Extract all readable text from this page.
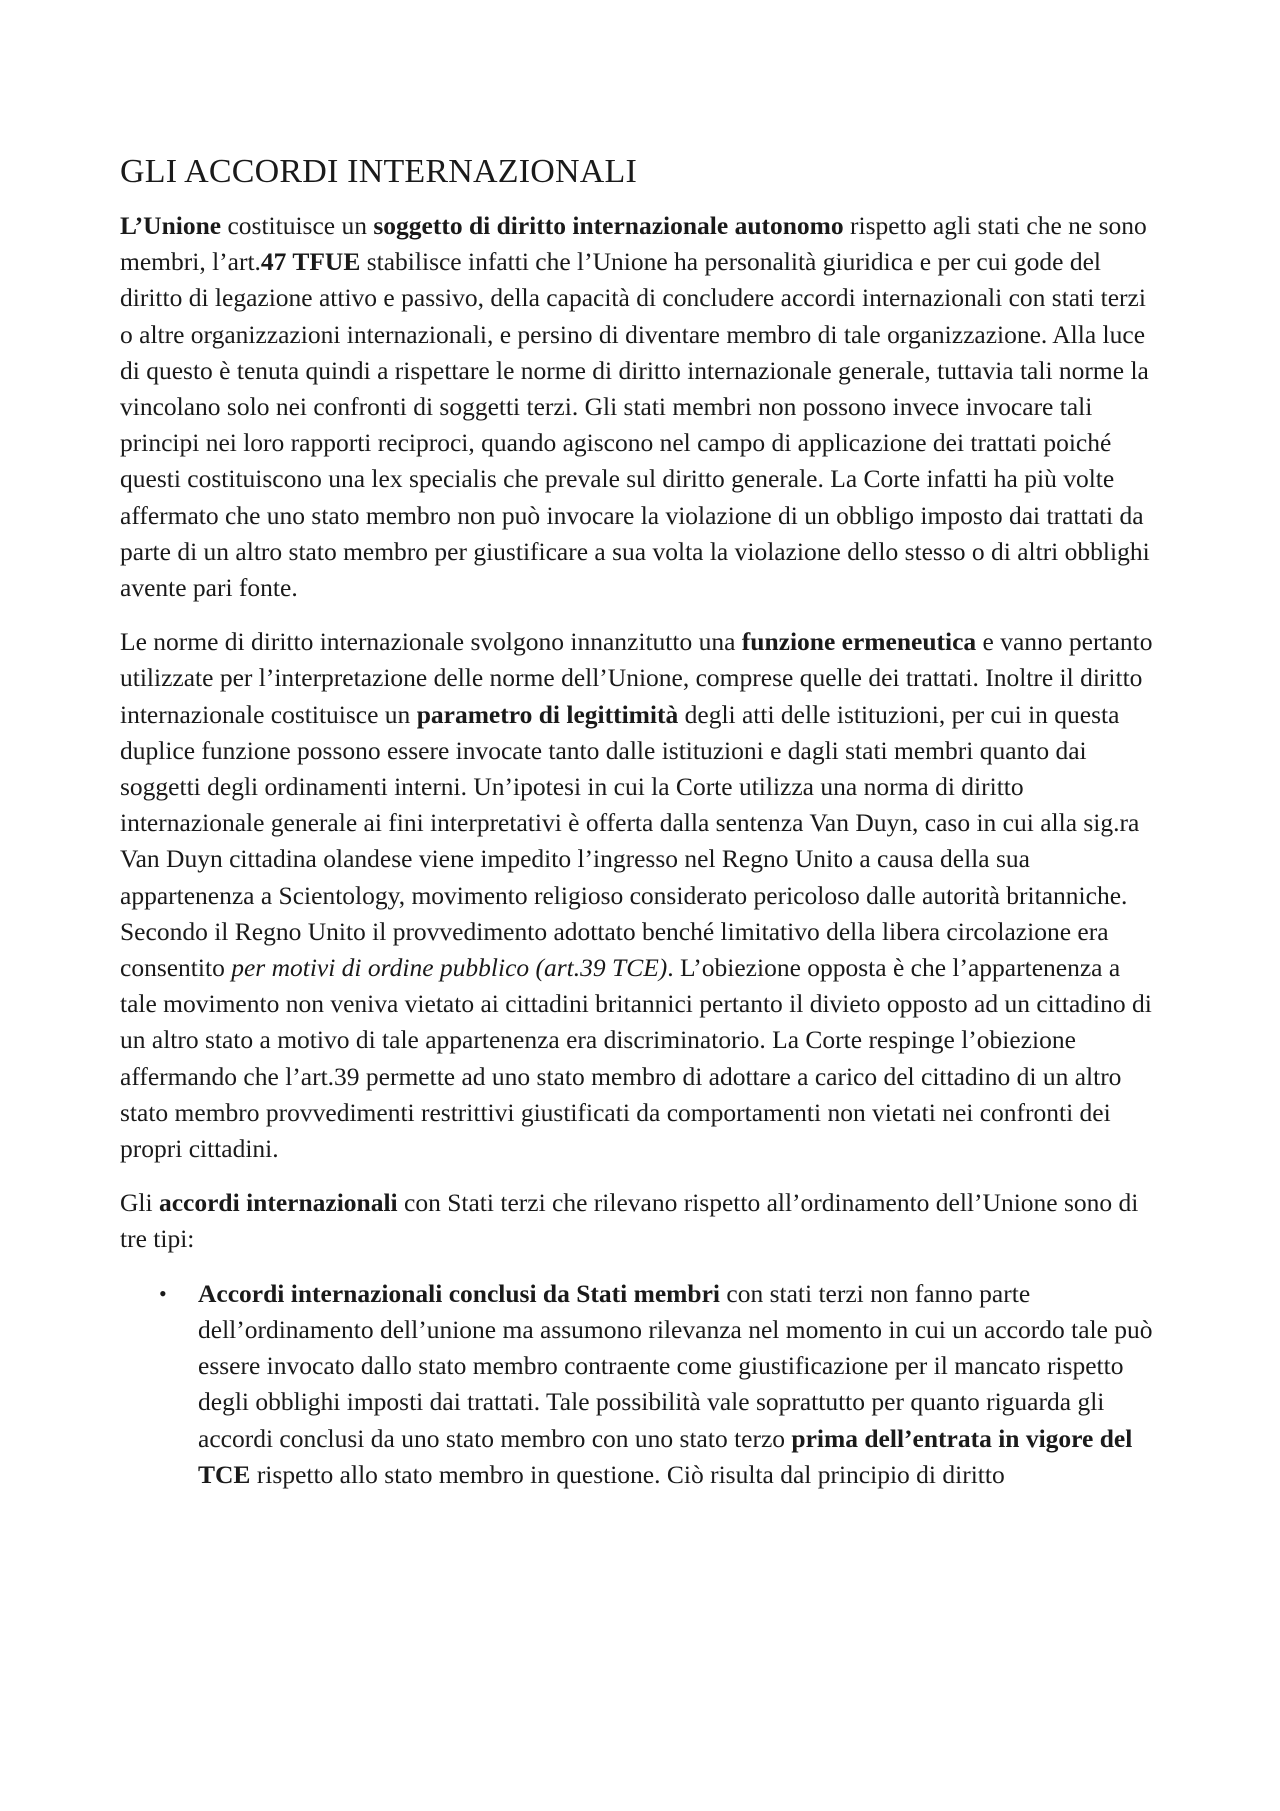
GLI ACCORDI INTERNAZIONALI

L’Unione costituisce un soggetto di diritto internazionale autonomo rispetto agli stati che ne sono membri, l’art.47 TFUE stabilisce infatti che l’Unione ha personalità giuridica e per cui gode del diritto di legazione attivo e passivo, della capacità di concludere accordi internazionali con stati terzi o altre organizzazioni internazionali, e persino di diventare membro di tale organizzazione. Alla luce di questo è tenuta quindi a rispettare le norme di diritto internazionale generale, tuttavia tali norme la vincolano solo nei confronti di soggetti terzi. Gli stati membri non possono invece invocare tali principi nei loro rapporti reciproci, quando agiscono nel campo di applicazione dei trattati poiché questi costituiscono una lex specialis che prevale sul diritto generale. La Corte infatti ha più volte affermato che uno stato membro non può invocare la violazione di un obbligo imposto dai trattati da parte di un altro stato membro per giustificare a sua volta la violazione dello stesso o di altri obblighi avente pari fonte.

Le norme di diritto internazionale svolgono innanzitutto una funzione ermeneutica e vanno pertanto utilizzate per l’interpretazione delle norme dell’Unione, comprese quelle dei trattati. Inoltre il diritto internazionale costituisce un parametro di legittimità degli atti delle istituzioni, per cui in questa duplice funzione possono essere invocate tanto dalle istituzioni e dagli stati membri quanto dai soggetti degli ordinamenti interni. Un’ipotesi in cui la Corte utilizza una norma di diritto internazionale generale ai fini interpretativi è offerta dalla sentenza Van Duyn, caso in cui alla sig.ra Van Duyn cittadina olandese viene impedito l’ingresso nel Regno Unito a causa della sua appartenenza a Scientology, movimento religioso considerato pericoloso dalle autorità britanniche. Secondo il Regno Unito il provvedimento adottato benché limitativo della libera circolazione era consentito per motivi di ordine pubblico (art.39 TCE). L’obiezione opposta è che l’appartenenza a tale movimento non veniva vietato ai cittadini britannici pertanto il divieto opposto ad un cittadino di un altro stato a motivo di tale appartenenza era discriminatorio. La Corte respinge l’obiezione affermando che l’art.39 permette ad uno stato membro di adottare a carico del cittadino di un altro stato membro provvedimenti restrittivi giustificati da comportamenti non vietati nei confronti dei propri cittadini.

Gli accordi internazionali con Stati terzi che rilevano rispetto all’ordinamento dell’Unione sono di tre tipi:

• Accordi internazionali conclusi da Stati membri con stati terzi non fanno parte dell’ordinamento dell’unione ma assumono rilevanza nel momento in cui un accordo tale può essere invocato dallo stato membro contraente come giustificazione per il mancato rispetto degli obblighi imposti dai trattati. Tale possibilità vale soprattutto per quanto riguarda gli accordi conclusi da uno stato membro con uno stato terzo prima dell’entrata in vigore del TCE rispetto allo stato membro in questione. Ciò risulta dal principio di diritto
